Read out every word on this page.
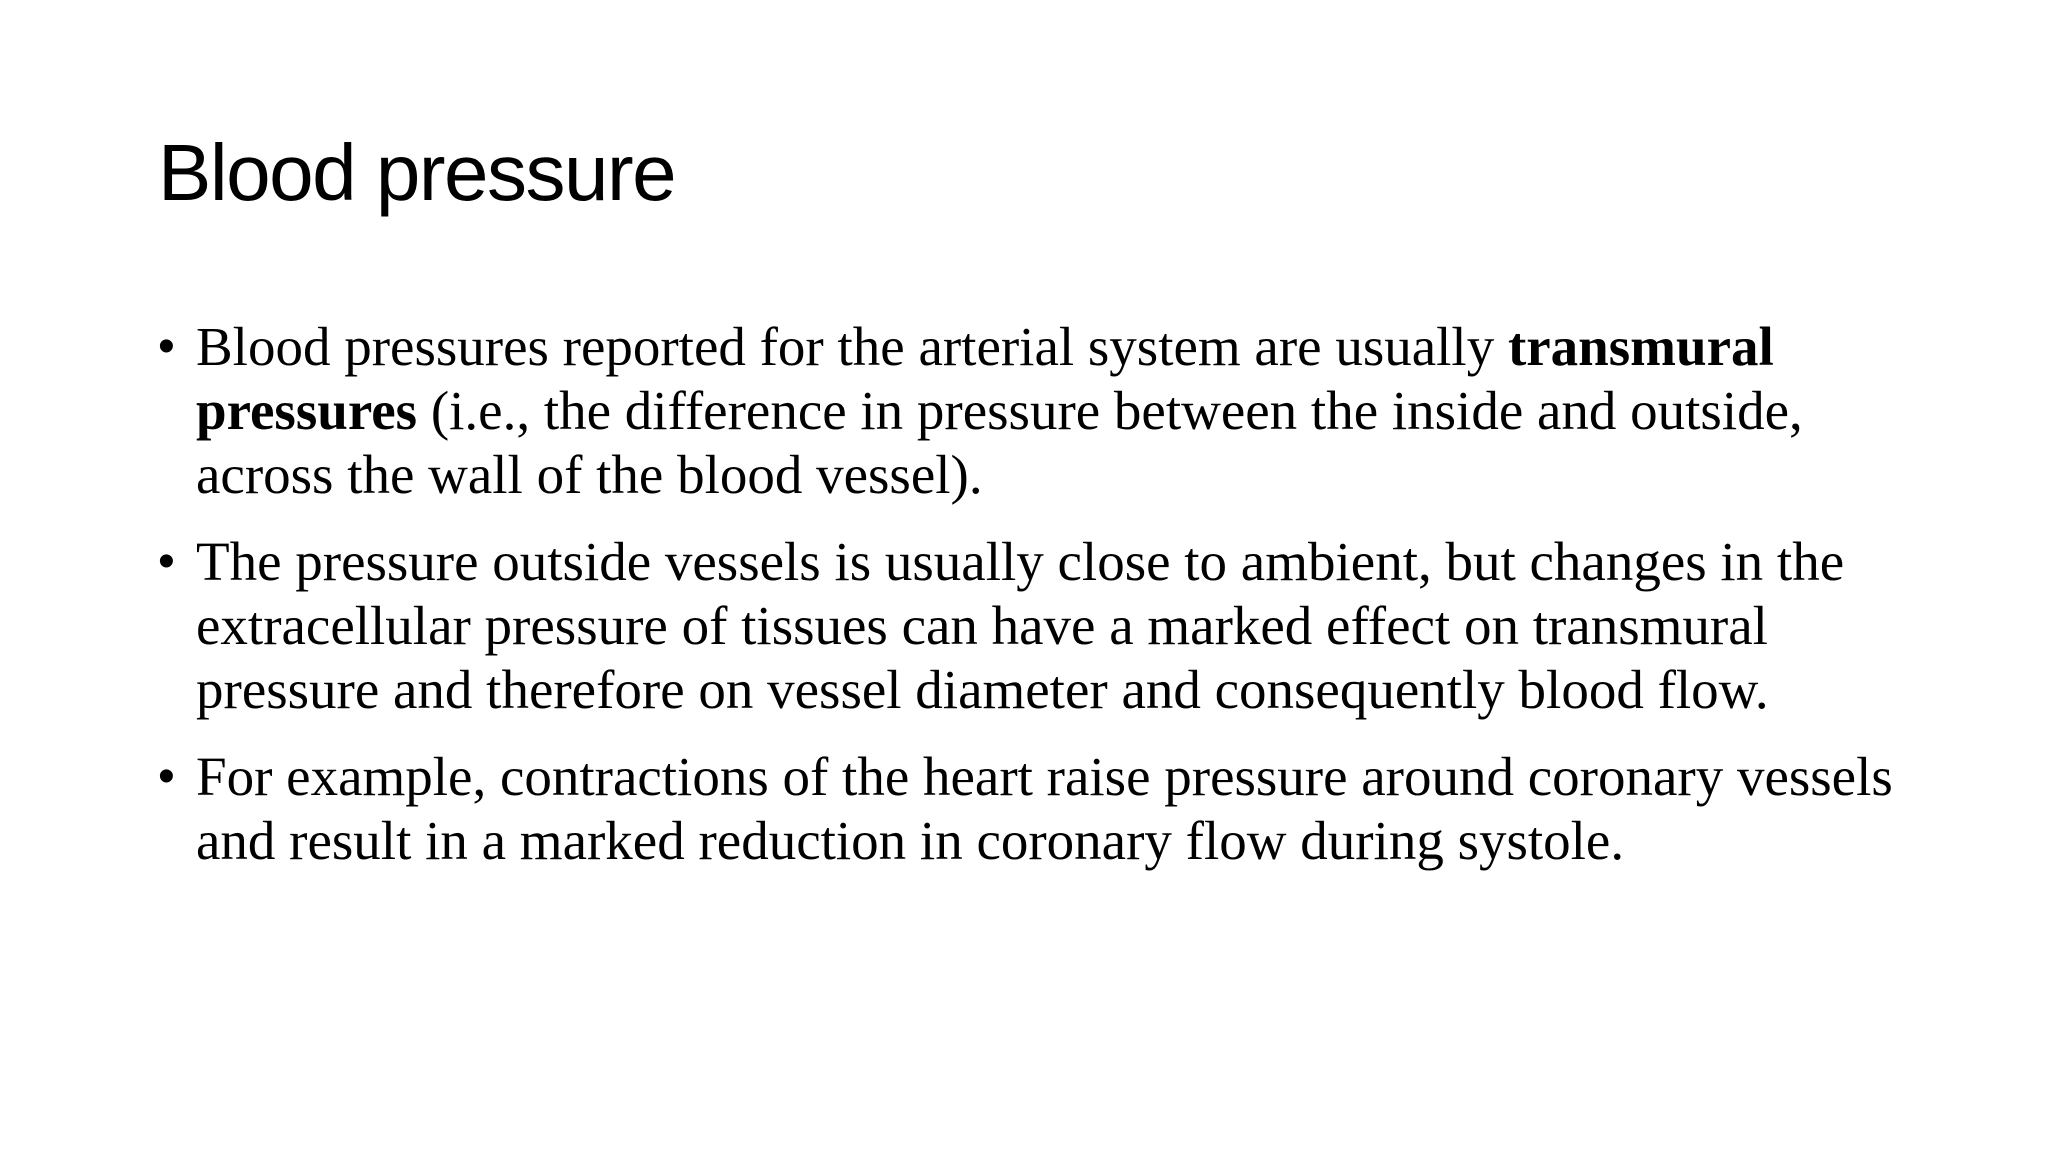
Blood pressure
• Blood pressures reported for the arterial system are usually transmural pressures (i.e., the difference in pressure between the inside and outside, across the wall of the blood vessel).
• The pressure outside vessels is usually close to ambient, but changes in the extracellular pressure of tissues can have a marked effect on transmural pressure and therefore on vessel diameter and consequently blood flow.
• For example, contractions of the heart raise pressure around coronary vessels and result in a marked reduction in coronary flow during systole.
